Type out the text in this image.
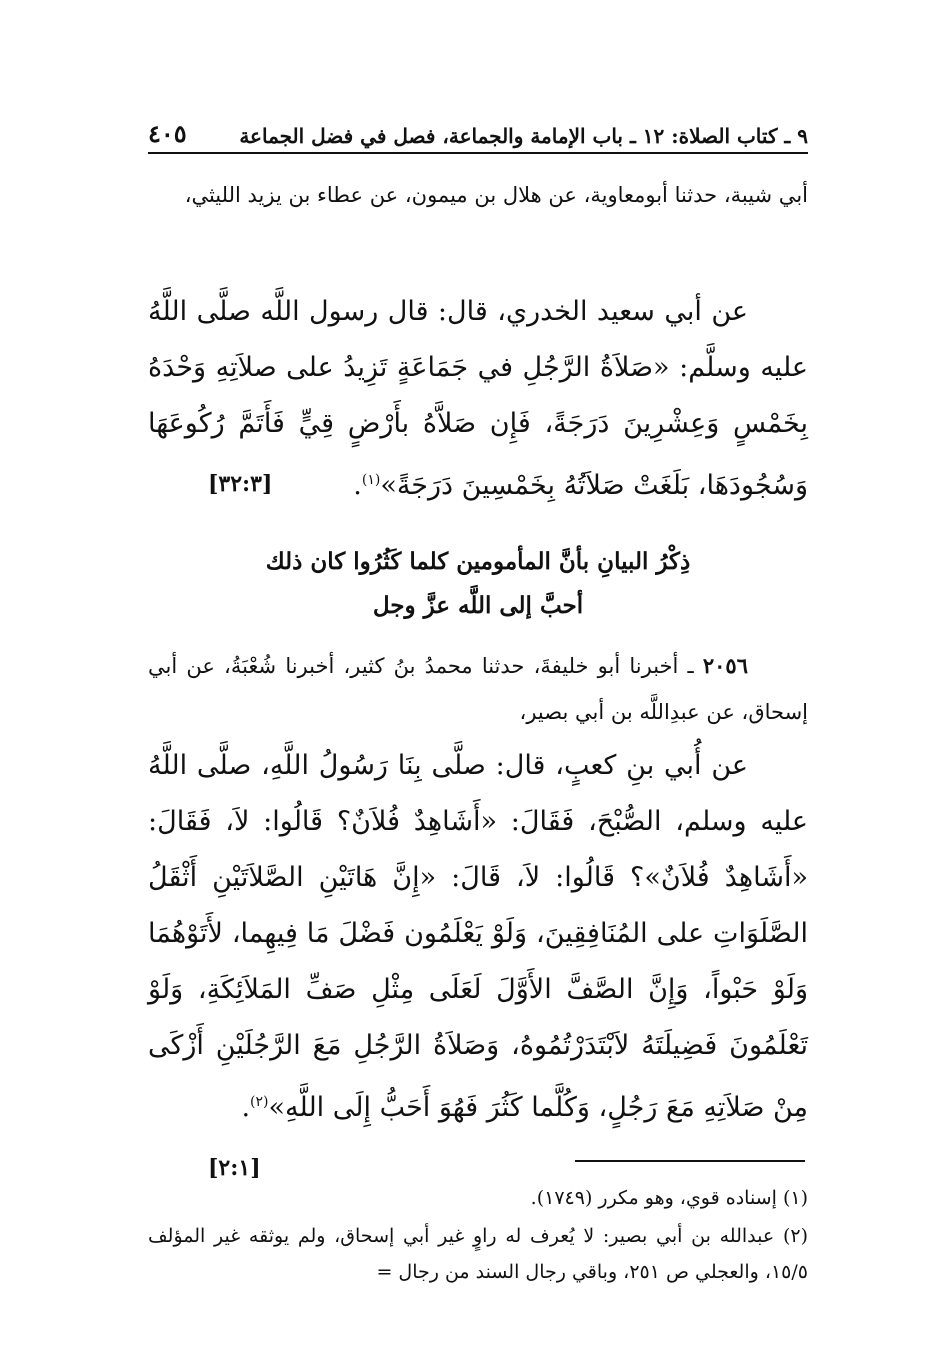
٩ ـ كتاب الصلاة: ١٢ ـ باب الإمامة والجماعة، فصل في فضل الجماعة
٤٠٥

أبي شيبة، حدثنا أبومعاوية، عن هلال بن ميمون، عن عطاء بن يزيد الليثي،

عن أبي سعيد الخدري، قال: قال رسول اللَّه صلَّى اللَّهُ عليه وسلَّم: «صَلاَةُ الرَّجُلِ في جَمَاعَةٍ تَزِيدُ على صلاَتِهِ وَحْدَهُ بِخَمْسٍ وَعِشْرِينَ دَرَجَةً، فَإِن صَلاَّهُ بأَرْضٍ قِيٍّ فَأَتَمَّ رُكُوعَهَا وَسُجُودَهَا، بَلَغَتْ صَلاَتُهُ بِخَمْسِينَ دَرَجَةً»$^{(١)}$.
[٣٢:٣]

ذِكْرُ البيانِ بأنَّ المأمومين كلما كَثُرُوا كان ذلك
أحبَّ إلى اللَّه عزَّ وجل

٢٠٥٦ ـ أخبرنا أبو خليفةَ، حدثنا محمدُ بنُ كثير، أخبرنا شُعْبَةُ، عن أبي إسحاق، عن عبدِاللَّه بن أبي بصير،

عن أُبي بنِ كعبٍ، قال: صلَّى بِنَا رَسُولُ اللَّهِ، صلَّى اللَّهُ عليه وسلم، الصُّبْحَ، فَقَالَ: «أَشَاهِدٌ فُلاَنٌ؟ قَالُوا: لاَ، فَقَالَ: «أَشَاهِدٌ فُلاَنٌ»؟ قَالُوا: لاَ، قَالَ: «إِنَّ هَاتَيْنِ الصَّلاَتَيْنِ أَثْقَلُ الصَّلَوَاتِ على المُنَافِقِينَ، وَلَوْ يَعْلَمُون فَضْلَ مَا فِيهِما، لأَتَوْهُمَا وَلَوْ حَبْواً، وَإِنَّ الصَّفَّ الأَوَّلَ لَعَلَى مِثْلِ صَفِّ المَلاَئِكَةِ، وَلَوْ تَعْلَمُونَ فَضِيلَتَهُ لاَبْتَدَرْتُمُوهُ، وَصَلاَةُ الرَّجُلِ مَعَ الرَّجُلَيْنِ أَزْكَى مِنْ صَلاَتِهِ مَعَ رَجُلٍ، وَكُلَّما كَثُرَ فَهُوَ أَحَبُّ إِلَى اللَّهِ»$^{(٢)}$.
[٢:١]

(١) إسناده قوي، وهو مكرر (١٧٤٩).
(٢) عبدالله بن أبي بصير: لا يُعرف له راوٍ غير أبي إسحاق، ولم يوثقه غير المؤلف ١٥/٥، والعجلي ص ٢٥١، وباقي رجال السند من رجال =
